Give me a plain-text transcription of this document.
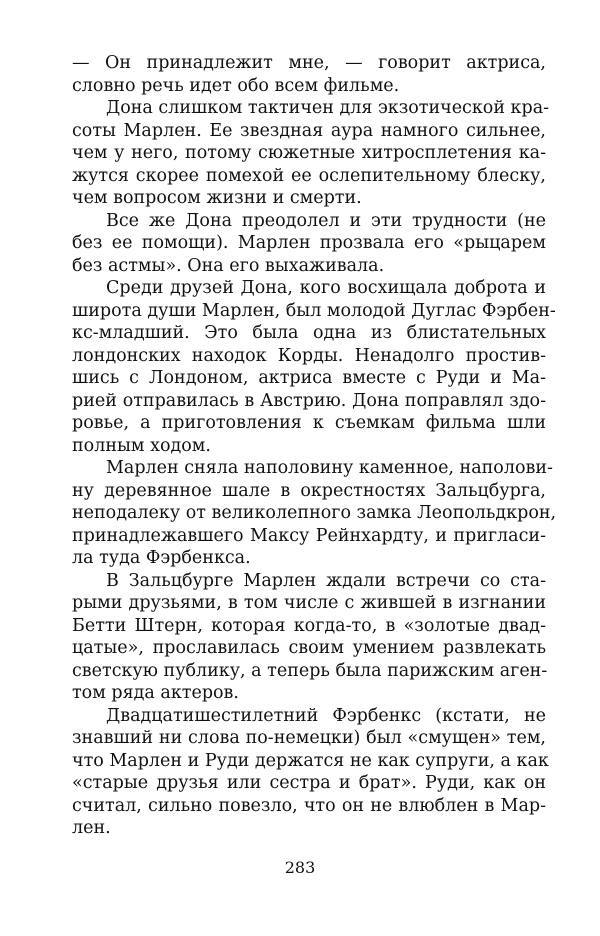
— Он принадлежит мне, — говорит актриса,
словно речь идет обо всем фильме.
Дона слишком тактичен для экзотической кра-
соты Марлен. Ее звездная аура намного сильнее,
чем у него, потому сюжетные хитросплетения ка-
жутся скорее помехой ее ослепительному блеску,
чем вопросом жизни и смерти.
Все же Дона преодолел и эти трудности (не
без ее помощи). Марлен прозвала его «рыцарем
без астмы». Она его выхаживала.
Среди друзей Дона, кого восхищала доброта и
широта души Марлен, был молодой Дуглас Фэрбен-
кс-младший. Это была одна из блистательных
лондонских находок Корды. Ненадолго простив-
шись с Лондоном, актриса вместе с Руди и Ма-
рией отправилась в Австрию. Дона поправлял здо-
ровье, а приготовления к съемкам фильма шли
полным ходом.
Марлен сняла наполовину каменное, наполови-
ну деревянное шале в окрестностях Зальцбурга,
неподалеку от великолепного замка Леопольдкрон,
принадлежавшего Максу Рейнхардту, и пригласи-
ла туда Фэрбенкса.
В Зальцбурге Марлен ждали встречи со ста-
рыми друзьями, в том числе с жившей в изгнании
Бетти Штерн, которая когда-то, в «золотые двад-
цатые», прославилась своим умением развлекать
светскую публику, а теперь была парижским аген-
том ряда актеров.
Двадцатишестилетний Фэрбенкс (кстати, не
знавший ни слова по-немецки) был «смущен» тем,
что Марлен и Руди держатся не как супруги, а как
«старые друзья или сестра и брат». Руди, как он
считал, сильно повезло, что он не влюблен в Мар-
лен.
283
